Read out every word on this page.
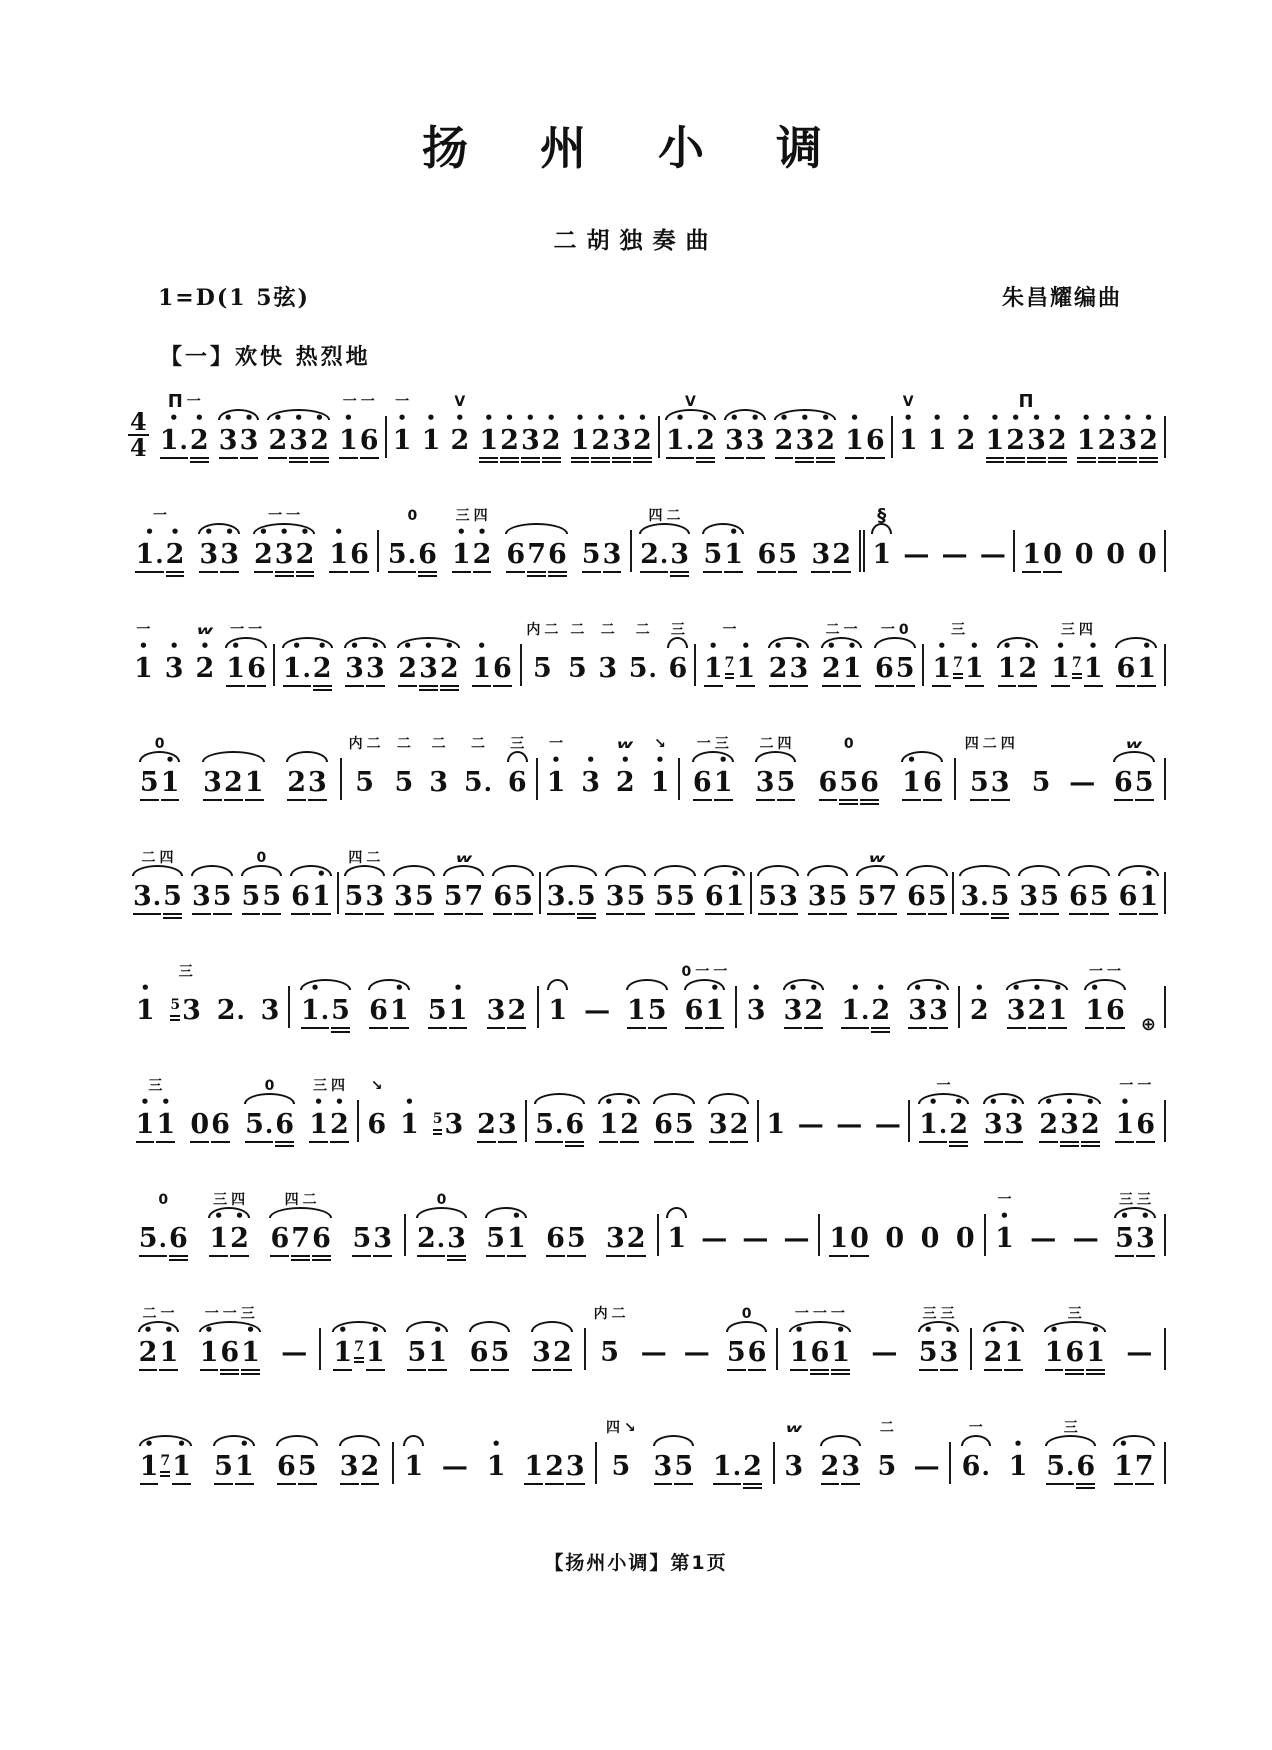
扬 州 小 调
二胡独奏曲
1=D(1 5弦)	朱昌耀编曲
【一】欢快 热烈地
$\frac{4}{4}$
П 一
•
1 .
•
2
•
3
•
3
•
2
•
3
•
2
一 一
•
1
6
一
•
1
•
1
V
•
2
•
1
•
2
•
3
•
2
•
1
•
2
•
3
•
2
V
•
1 .
•
2
•
3
•
3
•
2
•
3
•
2
•
1
6
V
•
1
•
1
•
2
П
•
1
•
2
•
3
•
2
•
1
•
2
•
3
•
2
一
•
1 .
•
2
•
3
•
3
一 一
•
2
•
3
•
2
•
1
6
0

5 .
6
三 四
•
1
•
2
6
7
6
5
3
四 二

2 .
3
5
•
1
6
5
3
2
§

1
—
—
—
1
0
0
0
0
一
•
1
•
3
w
•
2
一 一
•
1
6
•
1 .
•
2
•
3
•
3
•
2
•
3
•
2
•
1
6
内 二

5
二

5
二

3
二

5 .
三

6
一
•
1 7
•
1
•
2
•
3
二 一
•
2
•
1
一 0

6
5
三
•
1 7
•
1
•
1
•
2
三 四
•
1 7
•
1
6
•
1
0

5
•
1
3
2
1
2
3
内 二

5
二

5
二

3
二

5 .
三

6
一
•
1
•
3
w
•
2
↘
•
1
一 三

6
•
1
二 四

3
5
0

6
5
6
•
1
6
四 二 四

5
3
5
—
w

6
5
二 四

3 .
5
3
5
0

5
5
6
•
1
四 二

5
3
3
5
w

5
7
6
5
3 .
5
3
5
5
5
6
•
1
5
3
3
5
w

5
7
6
5
3 .
5
3
5
6
5
6
•
1
•
1
三
5
3
2 .
3
•
1 .
5
6
•
1
5
•
1
3
2
1
—
1
5
0 一 一

6
•
1
•
3
•
3
•
2
•
1 .
•
2
•
3
•
3
•
2
•
3
•
2
•
1
一 一
•
1
6 ⊕
三
•
1
•
1
0
6
0

5 .
6
三 四
•
1
•
2
↘

6
•
1 5
3
2
3
5 .
6
•
1
•
2
6
5
3
2
1
—
—
—
一
•
1 .
•
2
•
3
•
3
•
2
•
3
•
2
一 一
•
1
6
0

5 .
6
三 四
•
1
•
2
四 二

6
7
6
5
3
0

2 .
3
5
•
1
6
5
3
2
1
—
—
—
1
0
0
0
0
一
•
1
—
—
三 三
•
5
•
3
二 一
•
2
•
1
一 一 三
•
1
6
•
1
—
•
1 7
•
1
5
•
1
6
5
3
2
内 二

5
—
—
0

5
6
一 一 一
•
1
6
•
1
—
三 三
•
5
•
3
•
2
•
1
三
•
1
6
•
1
—
•
1 7
•
1
5
•
1
6
5
3
2
1
—
•
1
1
2
3
四 ↘

5
3
5
1 .
2
w

3
2
3
二

5
—
一

6 .
•
1
三

5 .
6
•
1
7
【扬州小调】第1页
